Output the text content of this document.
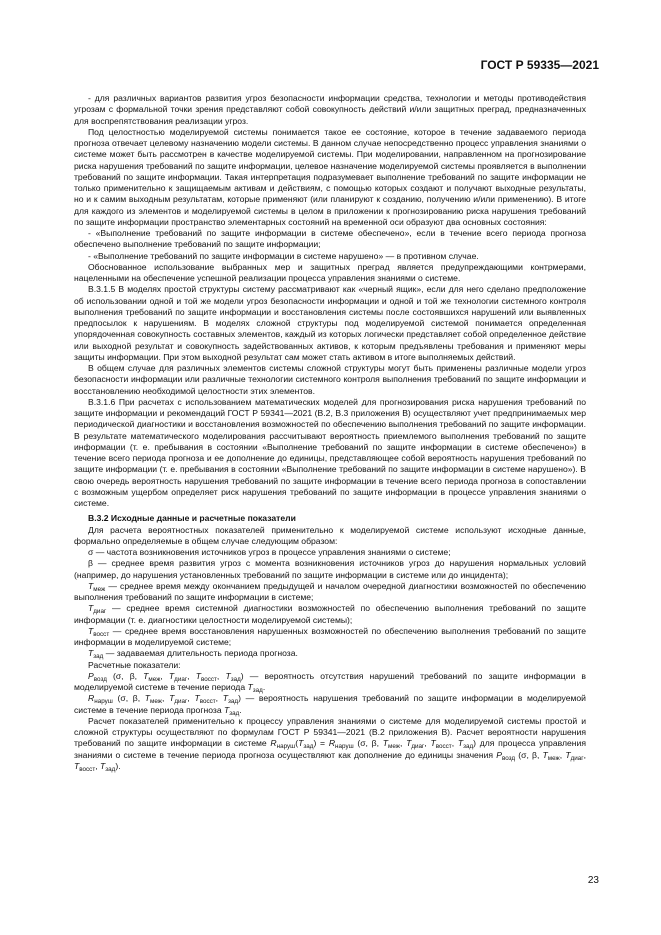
ГОСТ Р 59335—2021

- для различных вариантов развития угроз безопасности информации средства, технологии и методы противодействия угрозам с формальной точки зрения представляют собой совокупность действий и/или защитных преград, предназначенных для воспрепятствования реализации угроз.

Под целостностью моделируемой системы понимается такое ее состояние, которое в течение задаваемого периода прогноза отвечает целевому назначению модели системы. В данном случае непосредственно процесс управления знаниями о системе может быть рассмотрен в качестве моделируемой системы. При моделировании, направленном на прогнозирование риска нарушения требований по защите информации, целевое назначение моделируемой системы проявляется в выполнении требований по защите информации. Такая интерпретация подразумевает выполнение требований по защите информации не только применительно к защищаемым активам и действиям, с помощью которых создают и получают выходные результаты, но и к самим выходным результатам, которые применяют (или планируют к созданию, получению и/или применению). В итоге для каждого из элементов и моделируемой системы в целом в приложении к прогнозированию риска нарушения требований по защите информации пространство элементарных состояний на временной оси образуют два основных состояния:

- «Выполнение требований по защите информации в системе обеспечено», если в течение всего периода прогноза обеспечено выполнение требований по защите информации;

- «Выполнение требований по защите информации в системе нарушено» — в противном случае.

Обоснованное использование выбранных мер и защитных преград является предупреждающими контрмерами, нацеленными на обеспечение успешной реализации процесса управления знаниями о системе.

В.3.1.5 В моделях простой структуры систему рассматривают как «черный ящик», если для него сделано предположение об использовании одной и той же модели угроз безопасности информации и одной и той же технологии системного контроля выполнения требований по защите информации и восстановления системы после состоявшихся нарушений или выявленных предпосылок к нарушениям. В моделях сложной структуры под моделируемой системой понимается определенная упорядоченная совокупность составных элементов, каждый из которых логически представляет собой определенное действие или выходной результат и совокупность задействованных активов, к которым предъявлены требования и применяют меры защиты информации. При этом выходной результат сам может стать активом в итоге выполняемых действий.

В общем случае для различных элементов системы сложной структуры могут быть применены различные модели угроз безопасности информации или различные технологии системного контроля выполнения требований по защите информации и восстановлению необходимой целостности этих элементов.

В.3.1.6 При расчетах с использованием математических моделей для прогнозирования риска нарушения требований по защите информации и рекомендаций ГОСТ Р 59341—2021 (В.2, В.3 приложения В) осуществляют учет предпринимаемых мер периодической диагностики и восстановления возможностей по обеспечению выполнения требований по защите информации. В результате математического моделирования рассчитывают вероятность приемлемого выполнения требований по защите информации (т. е. пребывания в состоянии «Выполнение требований по защите информации в системе обеспечено») в течение всего периода прогноза и ее дополнение до единицы, представляющее собой вероятность нарушения требований по защите информации (т. е. пребывания в состоянии «Выполнение требований по защите информации в системе нарушено»). В свою очередь вероятность нарушения требований по защите информации в течение всего периода прогноза в сопоставлении с возможным ущербом определяет риск нарушения требований по защите информации в процессе управления знаниями о системе.

В.3.2 Исходные данные и расчетные показатели

Для расчета вероятностных показателей применительно к моделируемой системе используют исходные данные, формально определяемые в общем случае следующим образом:

σ — частота возникновения источников угроз в процессе управления знаниями о системе;

β — среднее время развития угроз с момента возникновения источников угроз до нарушения нормальных условий (например, до нарушения установленных требований по защите информации в системе или до инцидента);

$T_{меж}$ — среднее время между окончанием предыдущей и началом очередной диагностики возможностей по обеспечению выполнения требований по защите информации в системе;

$T_{диаг}$ — среднее время системной диагностики возможностей по обеспечению выполнения требований по защите информации (т. е. диагностики целостности моделируемой системы);

$T_{восст}$ — среднее время восстановления нарушенных возможностей по обеспечению выполнения требований по защите информации в моделируемой системе;

$T_{зад}$ — задаваемая длительность периода прогноза.

Расчетные показатели:

$P_{возд}$ (σ, β, $T_{меж}$, $T_{диаг}$, $T_{восст}$, $T_{зад}$) — вероятность отсутствия нарушений требований по защите информации в моделируемой системе в течение периода $T_{зад}$.

$R_{наруш}$ (σ, β, $T_{меж}$, $T_{диаг}$, $T_{восст}$, $T_{зад}$) — вероятность нарушения требований по защите информации в моделируемой системе в течение периода прогноза $T_{зад}$.

Расчет показателей применительно к процессу управления знаниями о системе для моделируемой системы простой и сложной структуры осуществляют по формулам ГОСТ Р 59341—2021 (В.2 приложения В). Расчет вероятности нарушения требований по защите информации в системе $R_{наруш}(T_{зад}) = R_{наруш}$ (σ, β, $T_{меж}$, $T_{диаг}$, $T_{восст}$, $T_{зад}$) для процесса управления знаниями о системе в течение периода прогноза осуществляют как дополнение до единицы значения $P_{возд}$ (σ, β, $T_{меж}$, $T_{диаг}$, $T_{восст}$, $T_{зад}$).

23
